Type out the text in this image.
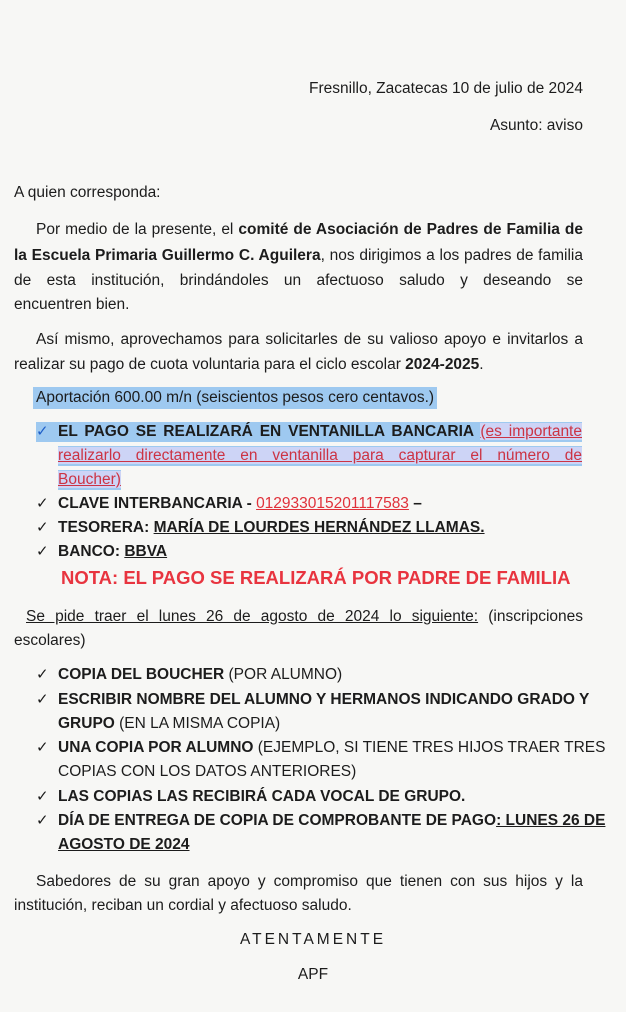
Fresnillo, Zacatecas 10 de julio de 2024
Asunto: aviso
A quien corresponda:
Por medio de la presente, el comité de Asociación de Padres de Familia de
la Escuela Primaria Guillermo C. Aguilera, nos dirigimos a los padres de familia
de esta institución, brindándoles un afectuoso saludo y deseando se
encuentren bien.
Así mismo, aprovechamos para solicitarles de su valioso apoyo e invitarlos a
realizar su pago de cuota voluntaria para el ciclo escolar 2024-2025.
Aportación 600.00 m/n (seiscientos pesos cero centavos.)
✓ EL PAGO SE REALIZARÁ EN VENTANILLA BANCARIA (es importante
realizarlo directamente en ventanilla para capturar el número de
Boucher)
✓ CLAVE INTERBANCARIA - 012933015201117583 –
✓ TESORERA: MARÍA DE LOURDES HERNÁNDEZ LLAMAS.
✓ BANCO: BBVA
NOTA: EL PAGO SE REALIZARÁ POR PADRE DE FAMILIA
Se pide traer el lunes 26 de agosto de 2024 lo siguiente: (inscripciones
escolares)
✓ COPIA DEL BOUCHER (POR ALUMNO)
✓ ESCRIBIR NOMBRE DEL ALUMNO Y HERMANOS INDICANDO GRADO Y
GRUPO (EN LA MISMA COPIA)
✓ UNA COPIA POR ALUMNO (EJEMPLO, SI TIENE TRES HIJOS TRAER TRES
COPIAS CON LOS DATOS ANTERIORES)
✓ LAS COPIAS LAS RECIBIRÁ CADA VOCAL DE GRUPO.
✓ DÍA DE ENTREGA DE COPIA DE COMPROBANTE DE PAGO: LUNES 26 DE
AGOSTO DE 2024
Sabedores de su gran apoyo y compromiso que tienen con sus hijos y la
institución, reciban un cordial y afectuoso saludo.
ATENTAMENTE
APF
